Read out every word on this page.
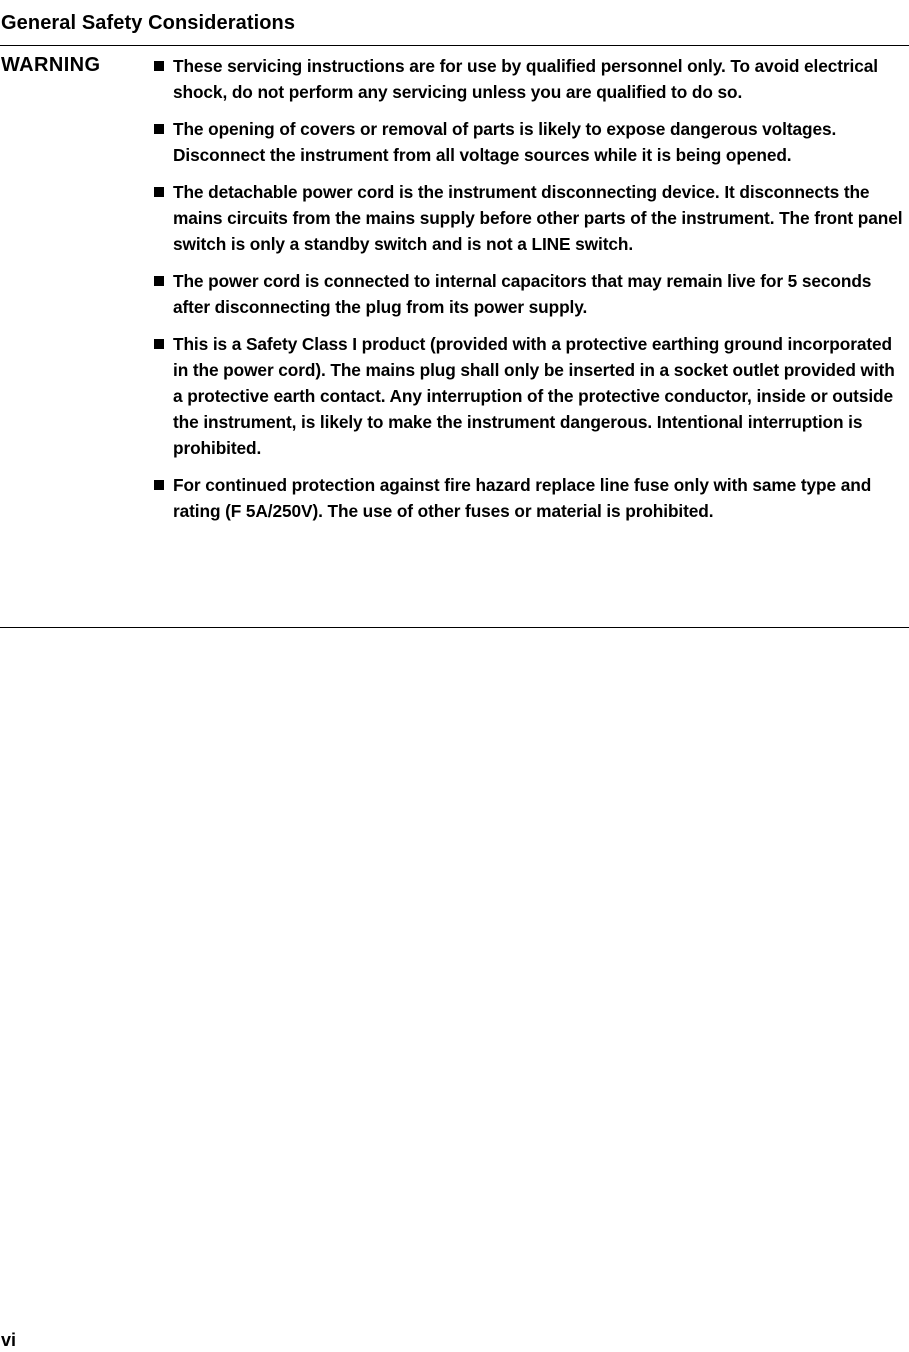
General Safety Considerations
WARNING	These servicing instructions are for use by qualified personnel only. To avoid electrical shock, do not perform any servicing unless you are qualified to do so.
The opening of covers or removal of parts is likely to expose dangerous voltages. Disconnect the instrument from all voltage sources while it is being opened.
The detachable power cord is the instrument disconnecting device. It disconnects the mains circuits from the mains supply before other parts of the instrument. The front panel switch is only a standby switch and is not a LINE switch.
The power cord is connected to internal capacitors that may remain live for 5 seconds after disconnecting the plug from its power supply.
This is a Safety Class I product (provided with a protective earthing ground incorporated in the power cord). The mains plug shall only be inserted in a socket outlet provided with a protective earth contact. Any interruption of the protective conductor, inside or outside the instrument, is likely to make the instrument dangerous. Intentional interruption is prohibited.
For continued protection against fire hazard replace line fuse only with same type and rating (F 5A/250V). The use of other fuses or material is prohibited.
vi
